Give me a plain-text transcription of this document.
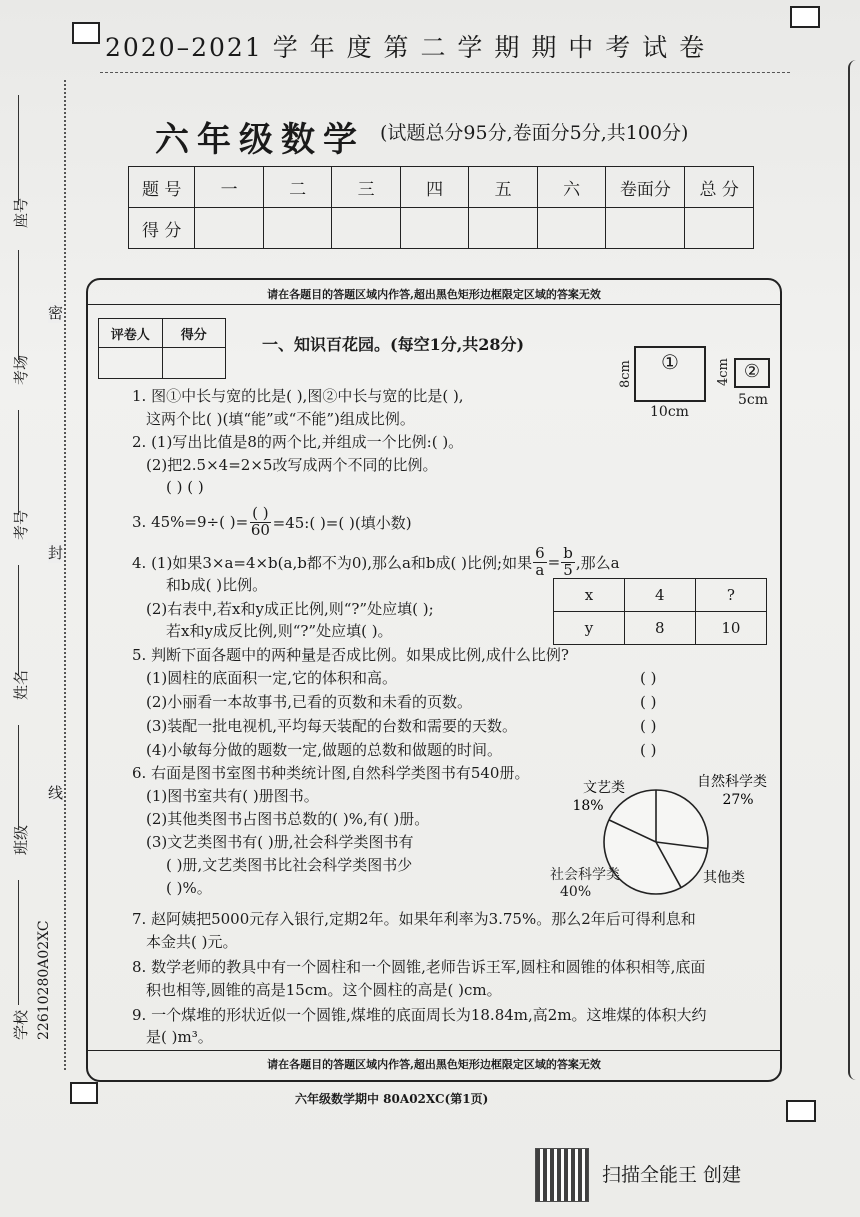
座号
考场
考号
姓名
班级
学校 22610280A02XC
密
封
线
2020–2021 学 年 度 第 二 学 期 期 中 考 试 卷
六年级数学 (试题总分95分,卷面分5分,共100分)
题 号	一	二	三	四	五	六	卷面分	总 分
得 分								
请在各题目的答题区域内作答,超出黑色矩形边框限定区域的答案无效
请在各题目的答题区域内作答,超出黑色矩形边框限定区域的答案无效
评卷人	得分
		一、知识百花园。(每空1分,共28分)
1. 图①中长与宽的比是( ),图②中长与宽的比是( ),
这两个比( )(填“能”或“不能”)组成比例。
①
8cm
10cm
②
4cm
5cm
2. (1)写出比值是8的两个比,并组成一个比例:( )。
(2)把2.5×4=2×5改写成两个不同的比例。
( ) ( )
3. 45%=9÷( )= $\frac{( )}{60}$ =45:( )=( )(填小数)
4. (1)如果3×a=4×b(a,b都不为0),那么a和b成( )比例;如果 $\frac{6}{a} = \frac{b}{5}$ ,那么a
和b成( )比例。
(2)右表中,若x和y成正比例,则“?”处应填( );
若x和y成反比例,则“?”处应填( )。
x	4	?
y	8	10
5. 判断下面各题中的两种量是否成比例。如果成比例,成什么比例?
(1)圆柱的底面积一定,它的体积和高。
(2)小丽看一本故事书,已看的页数和未看的页数。
(3)装配一批电视机,平均每天装配的台数和需要的天数。
(4)小敏每分做的题数一定,做题的总数和做题的时间。
( )
( )
( )
( )
6. 右面是图书室图书种类统计图,自然科学类图书有540册。
(1)图书室共有( )册图书。
(2)其他类图书占图书总数的( )%,有( )册。
(3)文艺类图书有( )册,社会科学类图书有
( )册,文艺类图书比社会科学类图书少
( )%。
文艺类
18%
自然科学类
27%
其他类
社会科学类
40%
7. 赵阿姨把5000元存入银行,定期2年。如果年利率为3.75%。那么2年后可得利息和
本金共( )元。
8. 数学老师的教具中有一个圆柱和一个圆锥,老师告诉王军,圆柱和圆锥的体积相等,底面
积也相等,圆锥的高是15cm。这个圆柱的高是( )cm。
9. 一个煤堆的形状近似一个圆锥,煤堆的底面周长为18.84m,高2m。这堆煤的体积大约
是( )m³。
六年级数学期中 80A02XC(第1页)
扫描全能王 创建
